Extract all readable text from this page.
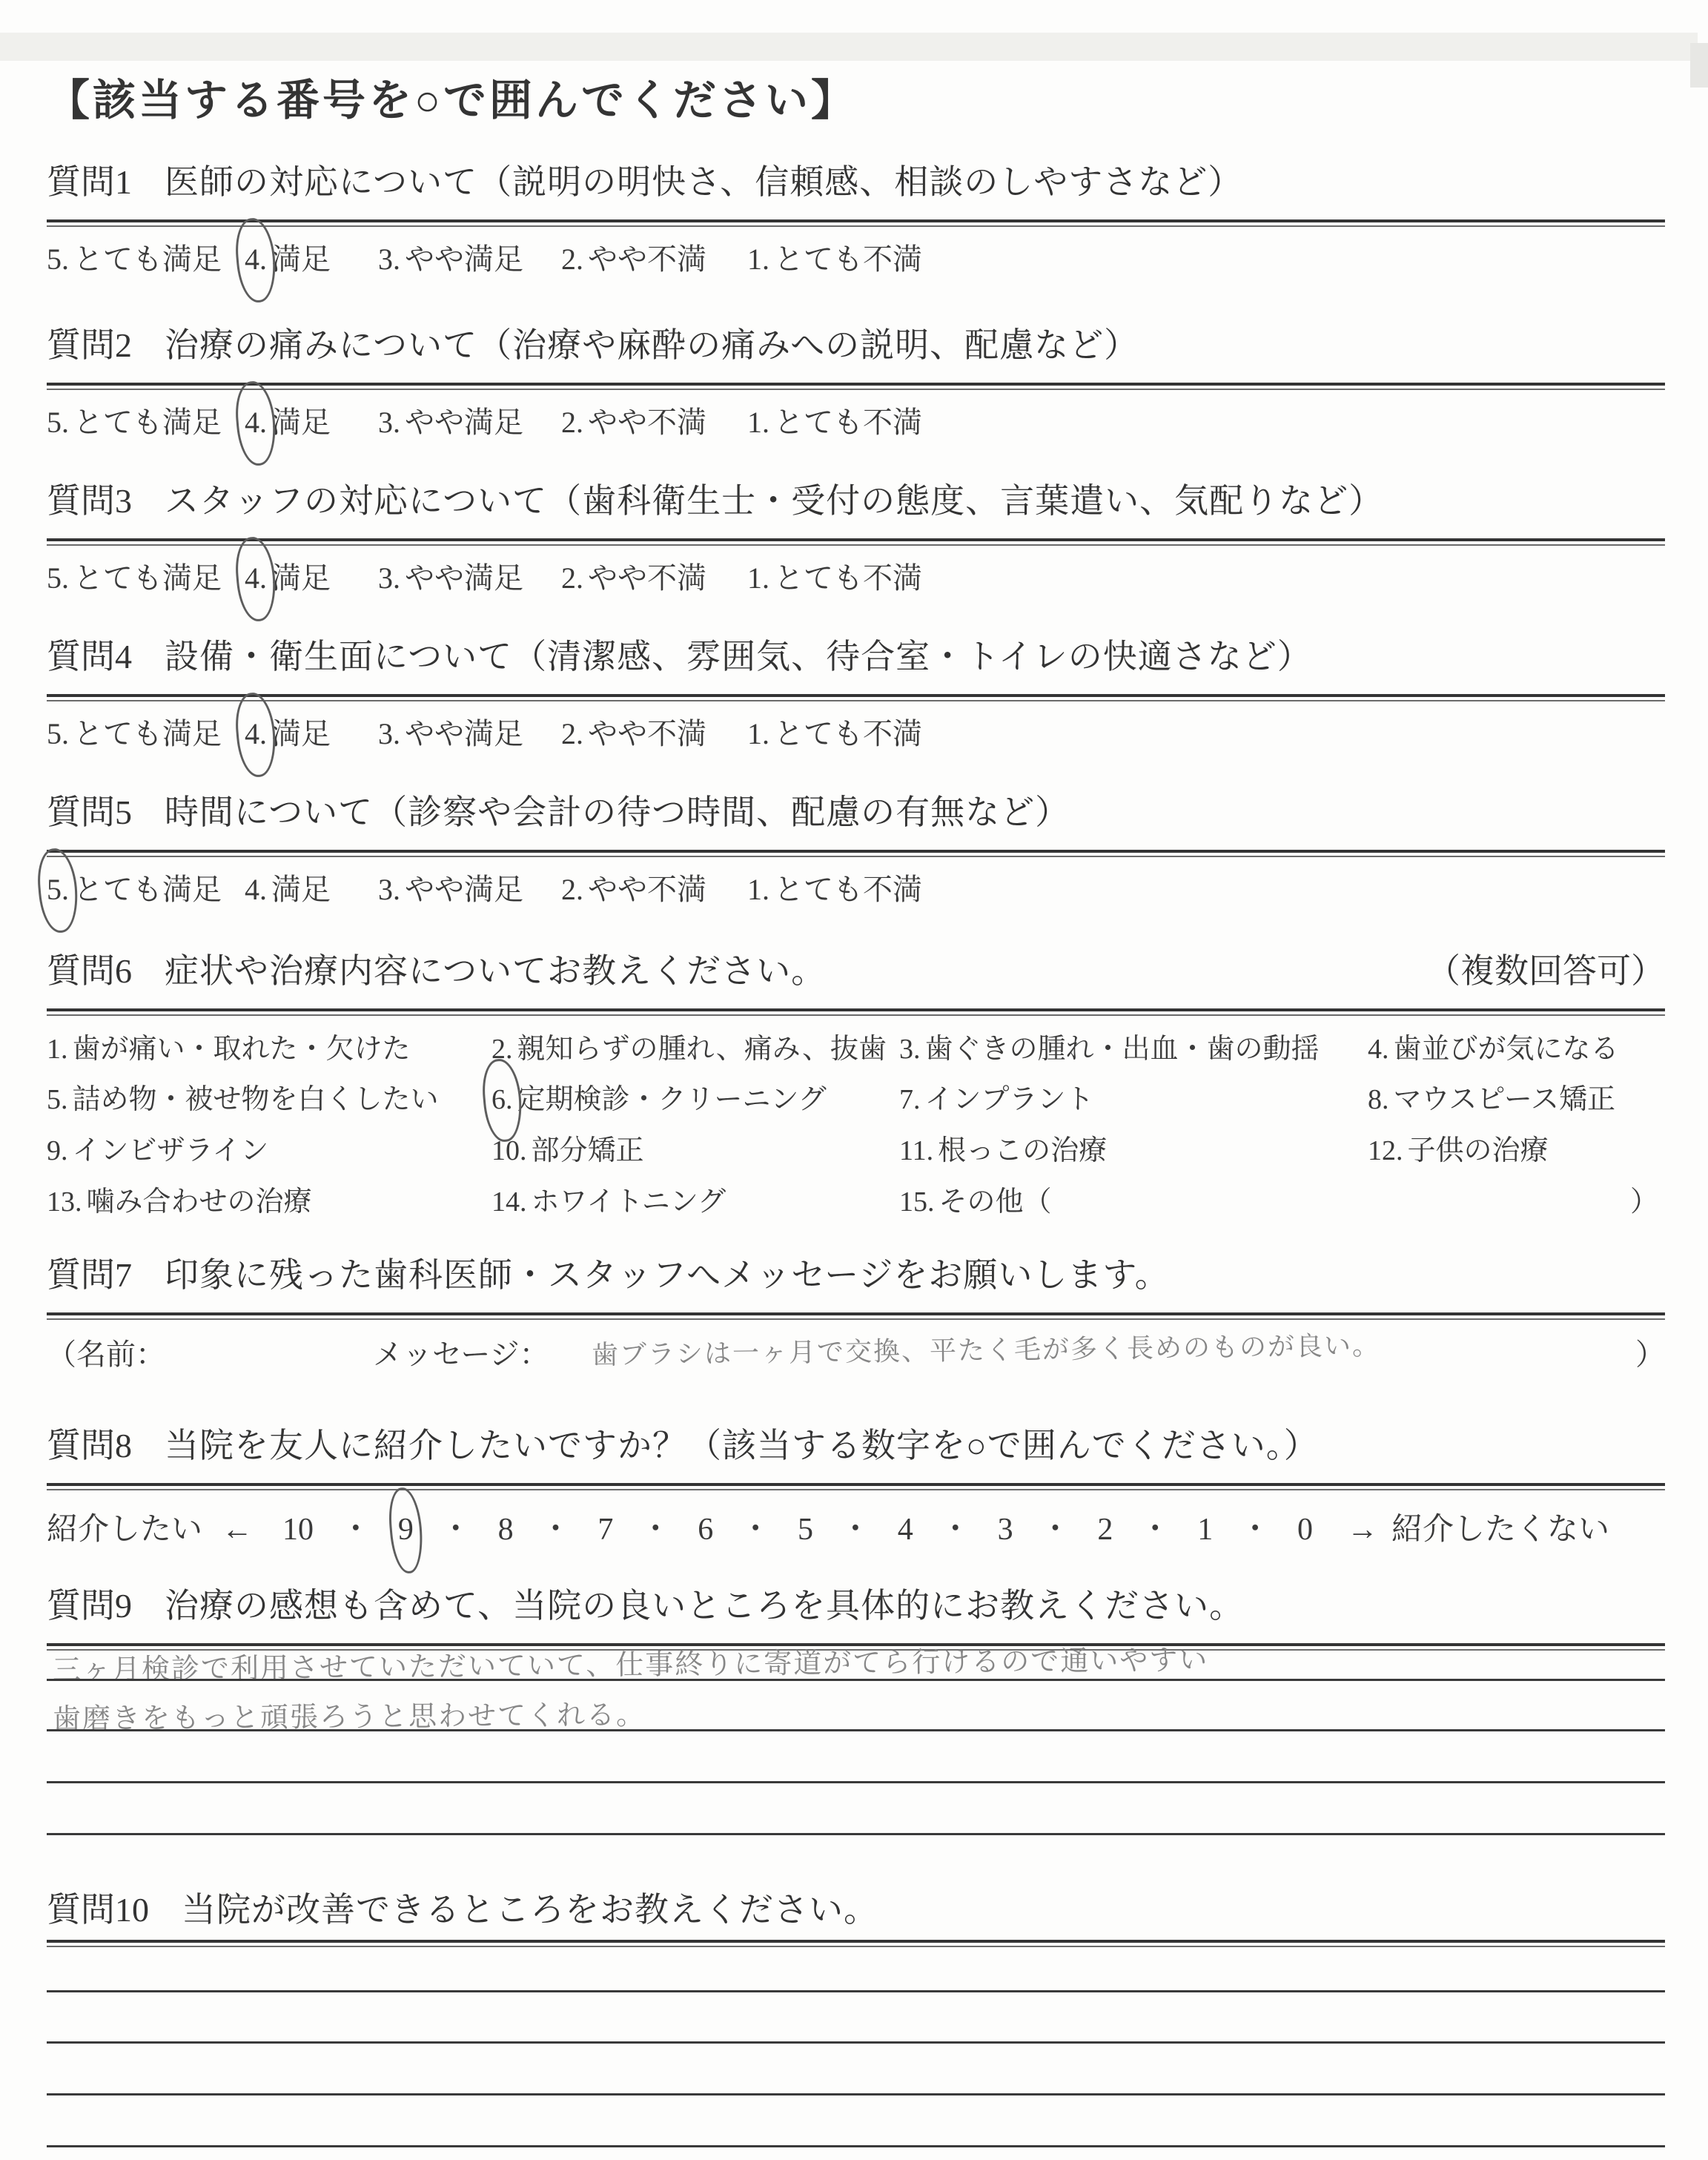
【該当する番号を○で囲んでください】
質問1 医師の対応について（説明の明快さ、信頼感、相談のしやすさなど）
5. とても満足 4. 満足 3. やや満足 2. やや不満 1. とても不満
質問2 治療の痛みについて（治療や麻酔の痛みへの説明、配慮など）
5. とても満足 4. 満足 3. やや満足 2. やや不満 1. とても不満
質問3 スタッフの対応について（歯科衛生士・受付の態度、言葉遣い、気配りなど）
5. とても満足 4. 満足 3. やや満足 2. やや不満 1. とても不満
質問4 設備・衛生面について（清潔感、雰囲気、待合室・トイレの快適さなど）
5. とても満足 4. 満足 3. やや満足 2. やや不満 1. とても不満
質問5 時間について（診察や会計の待つ時間、配慮の有無など）
5. とても満足 4. 満足 3. やや満足 2. やや不満 1. とても不満
質問6 症状や治療内容についてお教えください。	（複数回答可）
1. 歯が痛い・取れた・欠けた	2. 親知らずの腫れ、痛み、抜歯 3. 歯ぐきの腫れ・出血・歯の動揺 4. 歯並びが気になる
5. 詰め物・被せ物を白くしたい 6. 定期検診・クリーニング	7. インプラント	8. マウスピース矯正
9. インビザライン	10. 部分矯正	11. 根っこの治療	12. 子供の治療
13. 噛み合わせの治療	14. ホワイトニング	15. その他（	）
質問7 印象に残った歯科医師・スタッフへメッセージをお願いします。
（名前：	メッセージ： 歯ブラシは一ヶ月で交換、平たく毛が多く長めのものが良い。	）
質問8 当院を友人に紹介したいですか？（該当する数字を○で囲んでください。）
紹介したい ← 10 ・ 9 ・ 8 ・ 7 ・ 6 ・ 5 ・ 4 ・ 3 ・ 2 ・ 1 ・ 0 → 紹介したくない
質問9 治療の感想も含めて、当院の良いところを具体的にお教えください。
三ヶ月検診で利用させていただいていて、仕事終りに寄道がてら行けるので通いやすい
歯磨きをもっと頑張ろうと思わせてくれる。
質問10 当院が改善できるところをお教えください。
